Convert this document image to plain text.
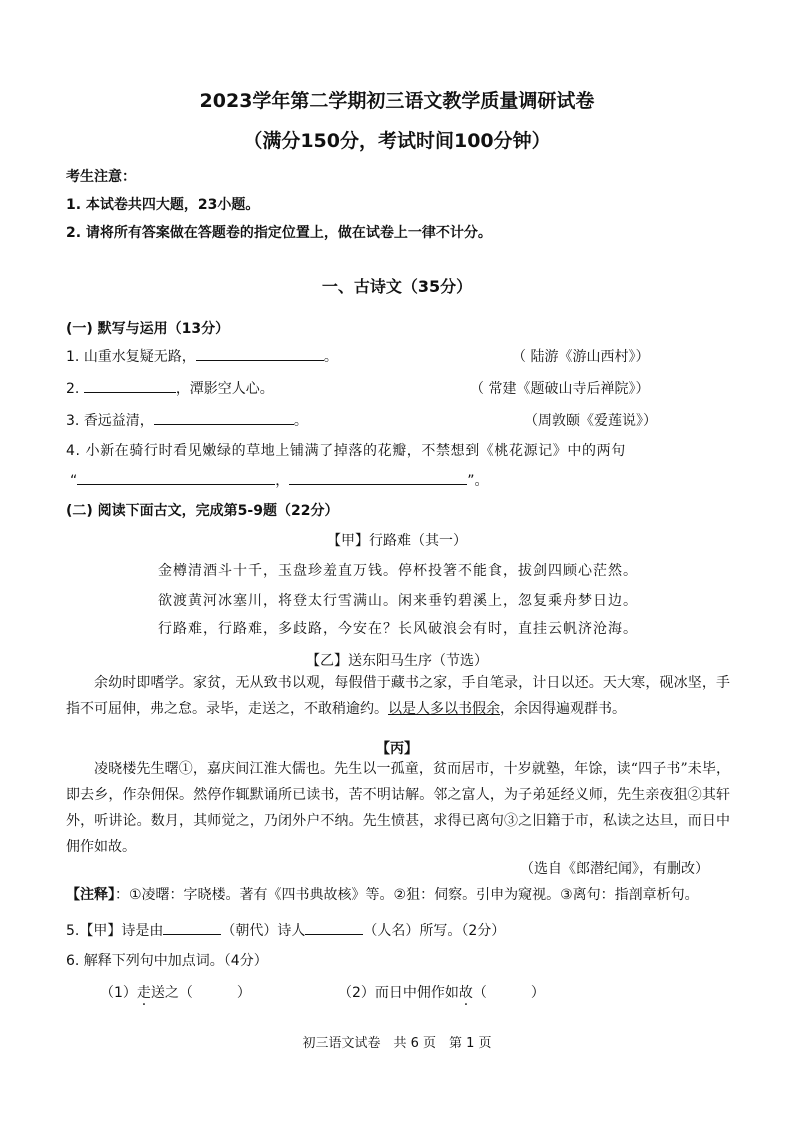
2023学年第二学期初三语文教学质量调研试卷
（满分150分，考试时间100分钟）
考生注意：
1. 本试卷共四大题，23小题。
2. 请将所有答案做在答题卷的指定位置上，做在试卷上一律不计分。
一、古诗文（35分）
(一) 默写与运用（13分）
1. 山重水复疑无路，	。	（ 陆游《游山西村》）
2.	，潭影空人心。	（ 常建《题破山寺后禅院》）
3. 香远益清，	。	（周敦颐《爱莲说》）
4. 小新在骑行时看见嫩绿的草地上铺满了掉落的花瓣，不禁想到《桃花源记》中的两句
“	，	”。
(二) 阅读下面古文，完成第5-9题（22分）
【甲】行路难（其一）
金樽清酒斗十千，玉盘珍羞直万钱。停杯投箸不能食，拔剑四顾心茫然。
欲渡黄河冰塞川，将登太行雪满山。闲来垂钓碧溪上，忽复乘舟梦日边。
行路难，行路难，多歧路，今安在？长风破浪会有时，直挂云帆济沧海。
【乙】送东阳马生序（节选）
余幼时即嗜学。家贫，无从致书以观，每假借于藏书之家，手自笔录，计日以还。天大寒，砚冰坚，手指不可屈伸，弗之怠。录毕，走送之，不敢稍逾约。以是人多以书假余，余因得遍观群书。
【丙】
凌晓楼先生曙①，嘉庆间江淮大儒也。先生以一孤童，贫而居市，十岁就塾，年馀，读“四子书”未毕，即去乡，作杂佣保。然停作辄默诵所已读书，苦不明诂解。邻之富人，为子弟延经义师，先生亲夜狙②其轩外，听讲论。数月，其师觉之，乃闭外户不纳。先生愤甚，求得已离句③之旧籍于市，私读之达旦，而日中佣作如故。
（选自《郎潜纪闻》，有删改）
【注释】：①凌曙：字晓楼。著有《四书典故核》等。②狙：伺察。引申为窥视。③离句：指剖章析句。
5.【甲】诗是由	（朝代）诗人	（人名）所写。（2分）
6. 解释下列句中加点词。（4分）
（1）走送之（	）	（2）而日中佣作如故（	）
初三语文试卷　共 6 页　第 1 页
